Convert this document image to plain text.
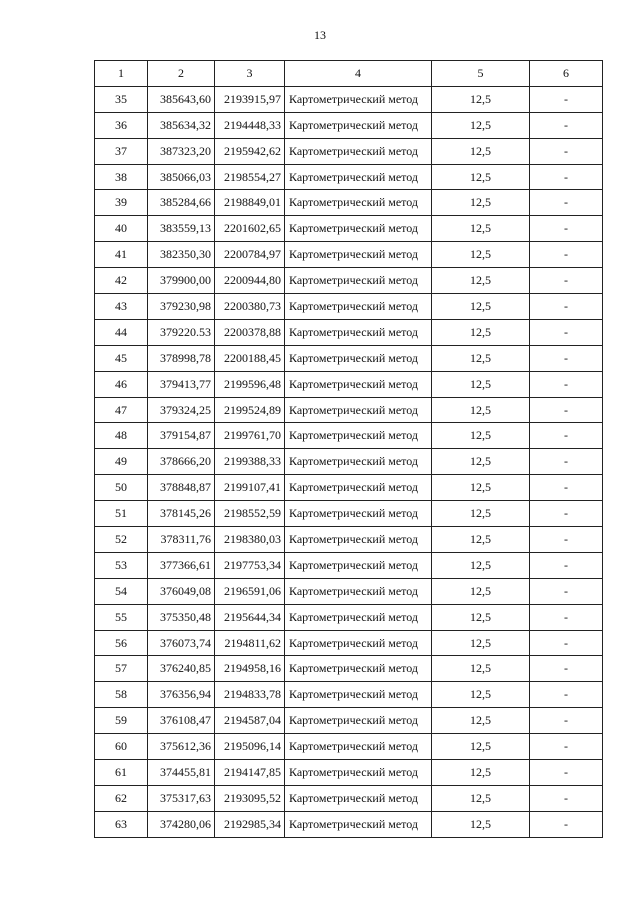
13
1	2	3	4	5	6
35	385643,60	2193915,97	Картометрический метод	12,5	-
36	385634,32	2194448,33	Картометрический метод	12,5	-
37	387323,20	2195942,62	Картометрический метод	12,5	-
38	385066,03	2198554,27	Картометрический метод	12,5	-
39	385284,66	2198849,01	Картометрический метод	12,5	-
40	383559,13	2201602,65	Картометрический метод	12,5	-
41	382350,30	2200784,97	Картометрический метод	12,5	-
42	379900,00	2200944,80	Картометрический метод	12,5	-
43	379230,98	2200380,73	Картометрический метод	12,5	-
44	379220.53	2200378,88	Картометрический метод	12,5	-
45	378998,78	2200188,45	Картометрический метод	12,5	-
46	379413,77	2199596,48	Картометрический метод	12,5	-
47	379324,25	2199524,89	Картометрический метод	12,5	-
48	379154,87	2199761,70	Картометрический метод	12,5	-
49	378666,20	2199388,33	Картометрический метод	12,5	-
50	378848,87	2199107,41	Картометрический метод	12,5	-
51	378145,26	2198552,59	Картометрический метод	12,5	-
52	378311,76	2198380,03	Картометрический метод	12,5	-
53	377366,61	2197753,34	Картометрический метод	12,5	-
54	376049,08	2196591,06	Картометрический метод	12,5	-
55	375350,48	2195644,34	Картометрический метод	12,5	-
56	376073,74	2194811,62	Картометрический метод	12,5	-
57	376240,85	2194958,16	Картометрический метод	12,5	-
58	376356,94	2194833,78	Картометрический метод	12,5	-
59	376108,47	2194587,04	Картометрический метод	12,5	-
60	375612,36	2195096,14	Картометрический метод	12,5	-
61	374455,81	2194147,85	Картометрический метод	12,5	-
62	375317,63	2193095,52	Картометрический метод	12,5	-
63	374280,06	2192985,34	Картометрический метод	12,5	-
